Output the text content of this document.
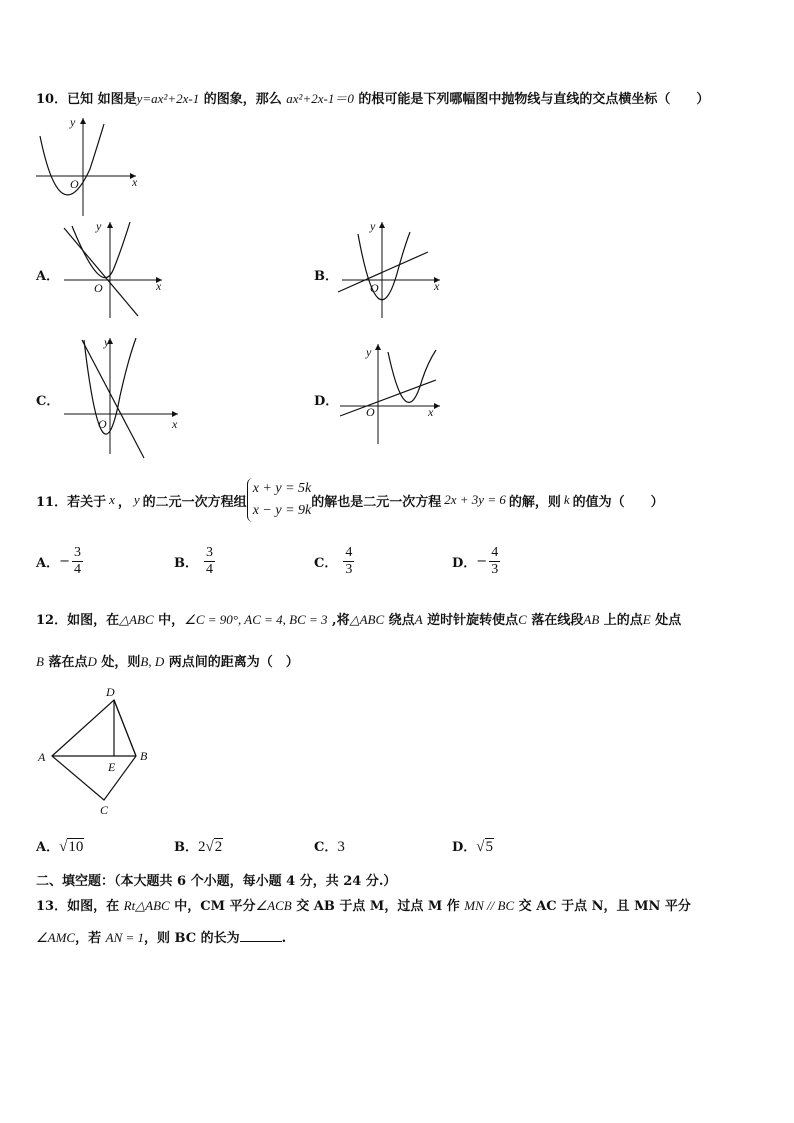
10．已知 如图是y=ax²+2x-1 的图象，那么 ax²+2x-1＝0 的根可能是下列哪幅图中抛物线与直线的交点横坐标（　　）
O	x
y
A．
O	x
y
B．
O	x
y
C．
O	x
y
D．
O	x
y
11．若关于 x ， y 的二元一次方程组
x + y = 5k
x − y = 9k
的解也是二元一次方程 2x + 3y = 6 的解，则 k 的值为（　　）
A． − $\frac{3}{4}$	B． $\frac{3}{4}$	C． $\frac{4}{3}$	D． − $\frac{4}{3}$
12．如图，在△ABC 中，∠C = 90°, AC = 4, BC = 3 ,将△ABC 绕点A 逆时针旋转使点C 落在线段AB 上的点E 处点
B 落在点D 处，则B, D 两点间的距离为（　）
A	B
C
D
E
A．√10	B．2√2	C．3	D．√5
二、填空题：（本大题共 6 个小题，每小题 4 分，共 24 分.）
13．如图，在 Rt△ABC 中，CM 平分∠ACB 交 AB 于点 M，过点 M 作 MN // BC 交 AC 于点 N，且 MN 平分
∠AMC，若 AN = 1，则 BC 的长为	.
